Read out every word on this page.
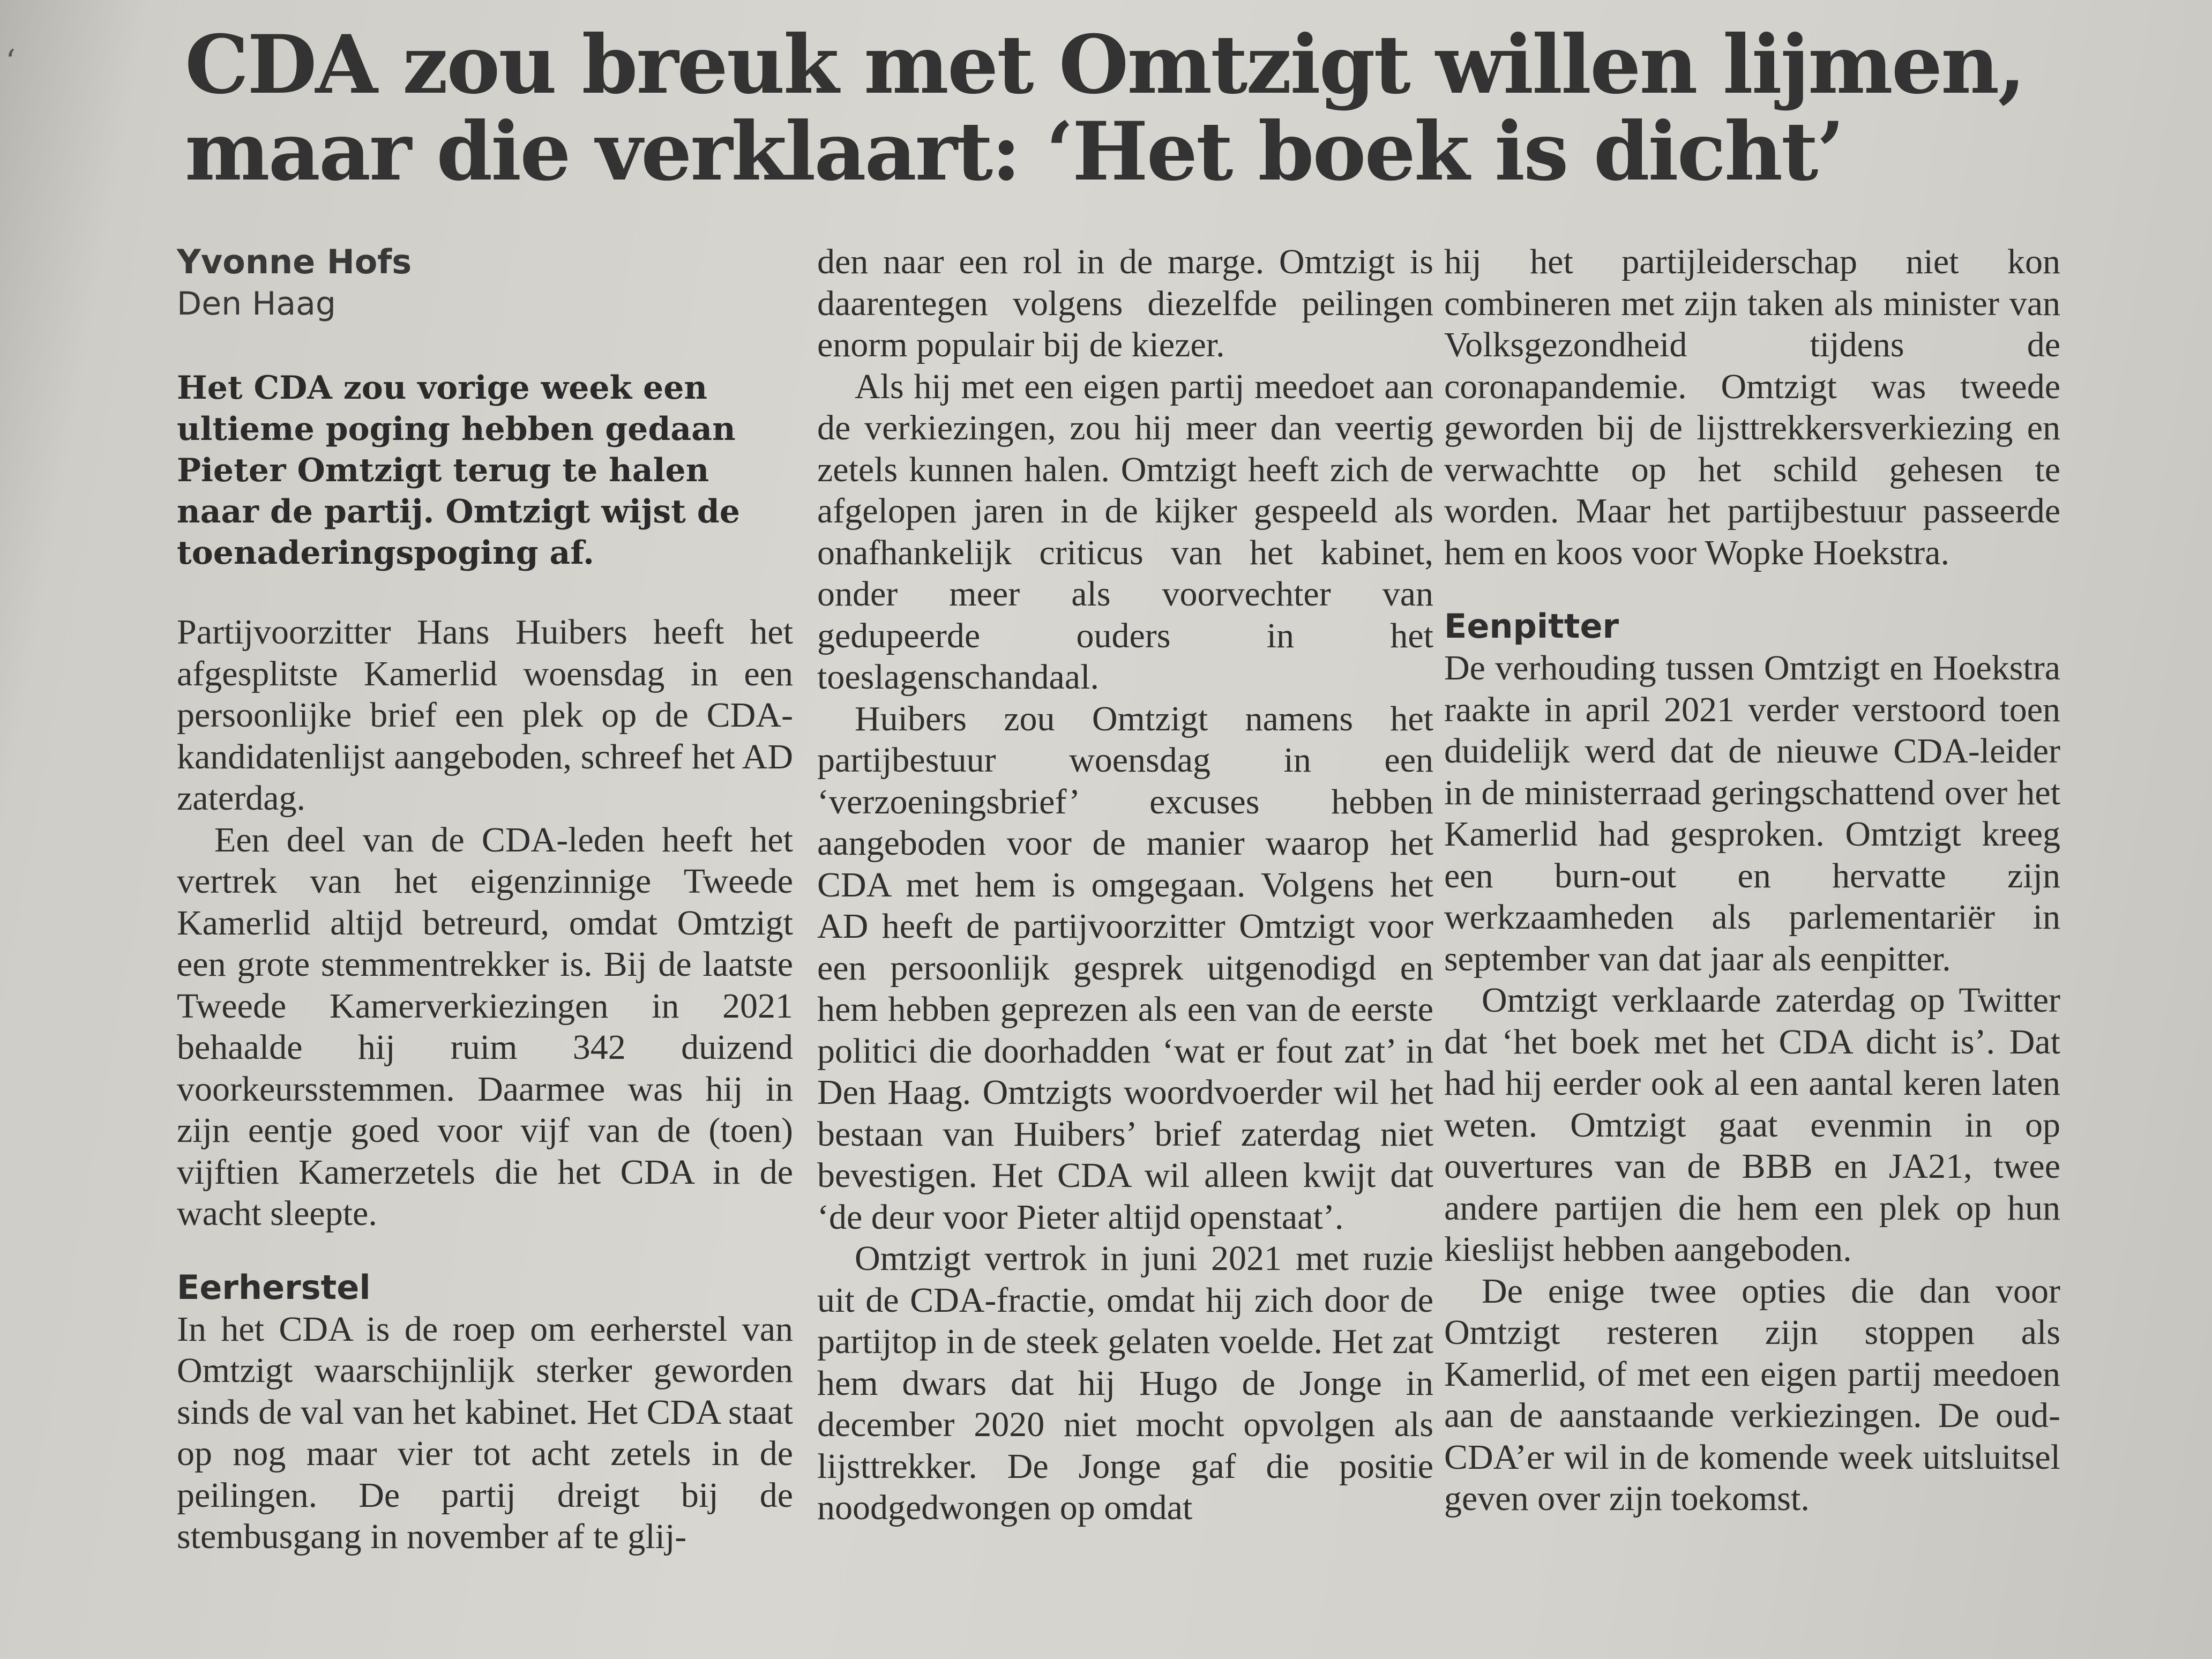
‘ CDA zou breuk met Omtzigt willen lijmen,
maar die verklaart: ‘Het boek is dicht’

Yvonne Hofs

Den Haag

Het CDA zou vorige week een ultieme poging hebben gedaan Pieter Omtzigt terug te halen naar de partij. Omtzigt wijst de toenaderingspoging af.

Partijvoorzitter Hans Huibers heeft het afgesplitste Kamerlid woensdag in een persoonlijke brief een plek op de CDA-kandidatenlijst aangeboden, schreef het AD zaterdag.

Een deel van de CDA-leden heeft het vertrek van het eigenzinnige Tweede Kamerlid altijd betreurd, omdat Omtzigt een grote stemmentrekker is. Bij de laatste Tweede Kamerverkiezingen in 2021 behaalde hij ruim 342 duizend voorkeursstemmen. Daarmee was hij in zijn eentje goed voor vijf van de (toen) vijftien Kamerzetels die het CDA in de wacht sleepte.

Eerherstel

In het CDA is de roep om eerherstel van Omtzigt waarschijnlijk sterker geworden sinds de val van het kabinet. Het CDA staat op nog maar vier tot acht zetels in de peilingen. De partij dreigt bij de stembusgang in november af te glij-

den naar een rol in de marge. Omtzigt is daarentegen volgens diezelfde peilingen enorm populair bij de kiezer.

Als hij met een eigen partij meedoet aan de verkiezingen, zou hij meer dan veertig zetels kunnen halen. Omtzigt heeft zich de afgelopen jaren in de kijker gespeeld als onafhankelijk criticus van het kabinet, onder meer als voorvechter van gedupeerde ouders in het toeslagenschandaal.

Huibers zou Omtzigt namens het partijbestuur woensdag in een ‘verzoeningsbrief’ excuses hebben aangeboden voor de manier waarop het CDA met hem is omgegaan. Volgens het AD heeft de partijvoorzitter Omtzigt voor een persoonlijk gesprek uitgenodigd en hem hebben geprezen als een van de eerste politici die doorhadden ‘wat er fout zat’ in Den Haag. Omtzigts woordvoerder wil het bestaan van Huibers’ brief zaterdag niet bevestigen. Het CDA wil alleen kwijt dat ‘de deur voor Pieter altijd openstaat’.

Omtzigt vertrok in juni 2021 met ruzie uit de CDA-fractie, omdat hij zich door de partijtop in de steek gelaten voelde. Het zat hem dwars dat hij Hugo de Jonge in december 2020 niet mocht opvolgen als lijsttrekker. De Jonge gaf die positie noodgedwongen op omdat

hij het partijleiderschap niet kon combineren met zijn taken als minister van Volksgezondheid tijdens de coronapandemie. Omtzigt was tweede geworden bij de lijsttrekkersverkiezing en verwachtte op het schild gehesen te worden. Maar het partijbestuur passeerde hem en koos voor Wopke Hoekstra.

Eenpitter

De verhouding tussen Omtzigt en Hoekstra raakte in april 2021 verder verstoord toen duidelijk werd dat de nieuwe CDA-leider in de ministerraad geringschattend over het Kamerlid had gesproken. Omtzigt kreeg een burn-out en hervatte zijn werkzaamheden als parlementariër in september van dat jaar als eenpitter.

Omtzigt verklaarde zaterdag op Twitter dat ‘het boek met het CDA dicht is’. Dat had hij eerder ook al een aantal keren laten weten. Omtzigt gaat evenmin in op ouvertures van de BBB en JA21, twee andere partijen die hem een plek op hun kieslijst hebben aangeboden.

De enige twee opties die dan voor Omtzigt resteren zijn stoppen als Kamerlid, of met een eigen partij meedoen aan de aanstaande verkiezingen. De oud-CDA’er wil in de komende week uitsluitsel geven over zijn toekomst.
